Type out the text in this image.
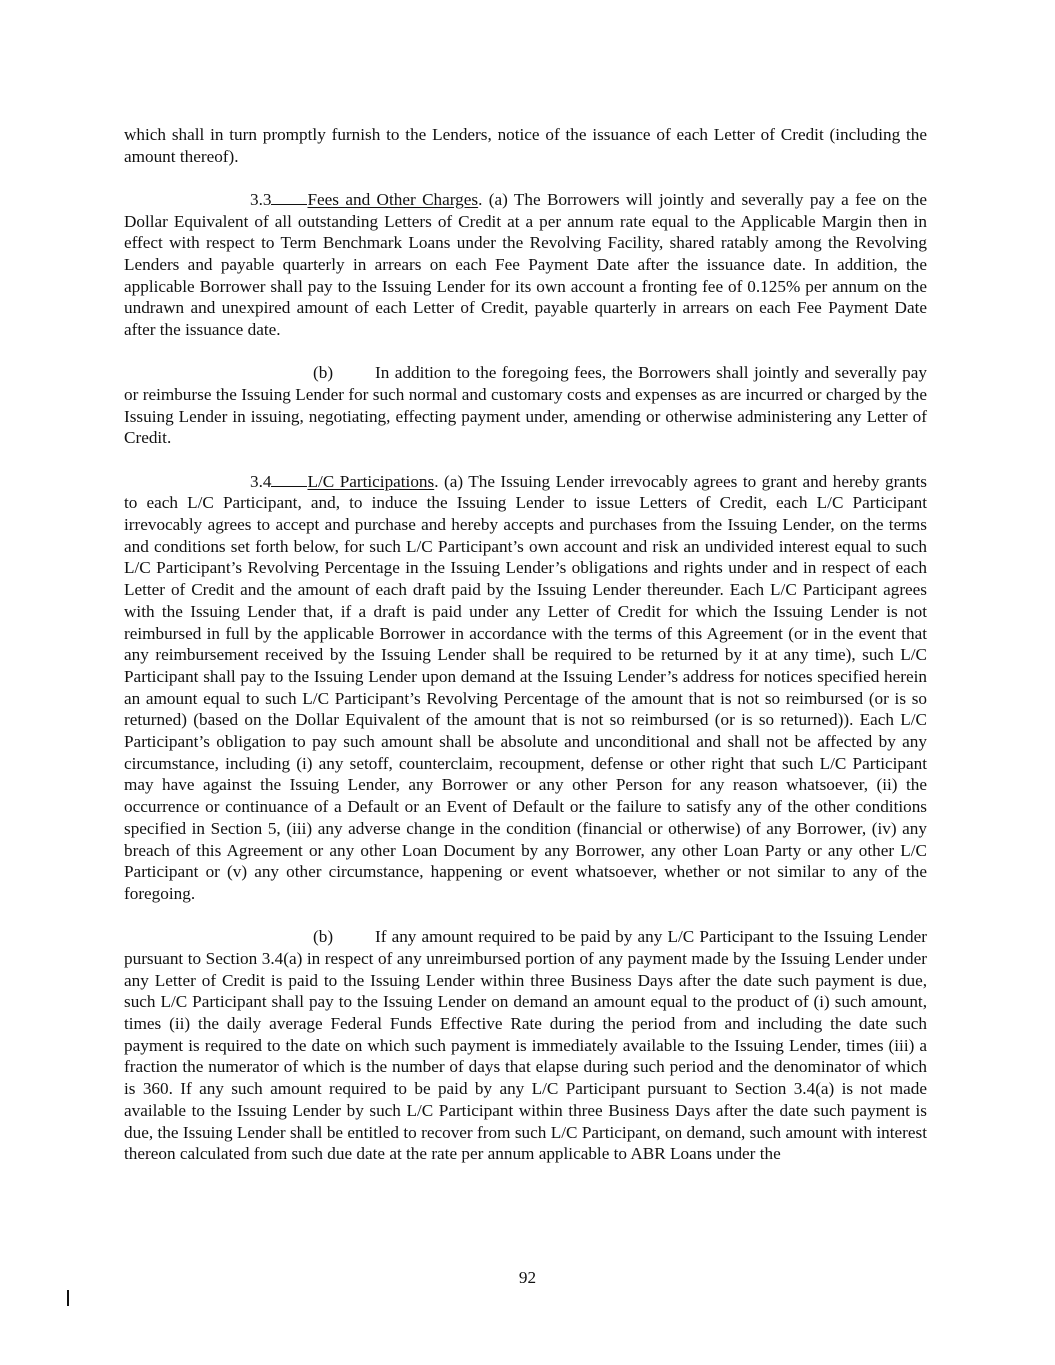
which shall in turn promptly furnish to the Lenders, notice of the issuance of each Letter of Credit (including the amount thereof).

3.3 Fees and Other Charges. (a) The Borrowers will jointly and severally pay a fee on the Dollar Equivalent of all outstanding Letters of Credit at a per annum rate equal to the Applicable Margin then in effect with respect to Term Benchmark Loans under the Revolving Facility, shared ratably among the Revolving Lenders and payable quarterly in arrears on each Fee Payment Date after the issuance date. In addition, the applicable Borrower shall pay to the Issuing Lender for its own account a fronting fee of 0.125% per annum on the undrawn and unexpired amount of each Letter of Credit, payable quarterly in arrears on each Fee Payment Date after the issuance date.

(b) In addition to the foregoing fees, the Borrowers shall jointly and severally pay or reimburse the Issuing Lender for such normal and customary costs and expenses as are incurred or charged by the Issuing Lender in issuing, negotiating, effecting payment under, amending or otherwise administering any Letter of Credit.

3.4 L/C Participations. (a) The Issuing Lender irrevocably agrees to grant and hereby grants to each L/C Participant, and, to induce the Issuing Lender to issue Letters of Credit, each L/C Participant irrevocably agrees to accept and purchase and hereby accepts and purchases from the Issuing Lender, on the terms and conditions set forth below, for such L/C Participant’s own account and risk an undivided interest equal to such L/C Participant’s Revolving Percentage in the Issuing Lender’s obligations and rights under and in respect of each Letter of Credit and the amount of each draft paid by the Issuing Lender thereunder. Each L/C Participant agrees with the Issuing Lender that, if a draft is paid under any Letter of Credit for which the Issuing Lender is not reimbursed in full by the applicable Borrower in accordance with the terms of this Agreement (or in the event that any reimbursement received by the Issuing Lender shall be required to be returned by it at any time), such L/C Participant shall pay to the Issuing Lender upon demand at the Issuing Lender’s address for notices specified herein an amount equal to such L/C Participant’s Revolving Percentage of the amount that is not so reimbursed (or is so returned) (based on the Dollar Equivalent of the amount that is not so reimbursed (or is so returned)). Each L/C Participant’s obligation to pay such amount shall be absolute and unconditional and shall not be affected by any circumstance, including (i) any setoff, counterclaim, recoupment, defense or other right that such L/C Participant may have against the Issuing Lender, any Borrower or any other Person for any reason whatsoever, (ii) the occurrence or continuance of a Default or an Event of Default or the failure to satisfy any of the other conditions specified in Section 5, (iii) any adverse change in the condition (financial or otherwise) of any Borrower, (iv) any breach of this Agreement or any other Loan Document by any Borrower, any other Loan Party or any other L/C Participant or (v) any other circumstance, happening or event whatsoever, whether or not similar to any of the foregoing.

(b) If any amount required to be paid by any L/C Participant to the Issuing Lender pursuant to Section 3.4(a) in respect of any unreimbursed portion of any payment made by the Issuing Lender under any Letter of Credit is paid to the Issuing Lender within three Business Days after the date such payment is due, such L/C Participant shall pay to the Issuing Lender on demand an amount equal to the product of (i) such amount, times (ii) the daily average Federal Funds Effective Rate during the period from and including the date such payment is required to the date on which such payment is immediately available to the Issuing Lender, times (iii) a fraction the numerator of which is the number of days that elapse during such period and the denominator of which is 360. If any such amount required to be paid by any L/C Participant pursuant to Section 3.4(a) is not made available to the Issuing Lender by such L/C Participant within three Business Days after the date such payment is due, the Issuing Lender shall be entitled to recover from such L/C Participant, on demand, such amount with interest thereon calculated from such due date at the rate per annum applicable to ABR Loans under the

92
